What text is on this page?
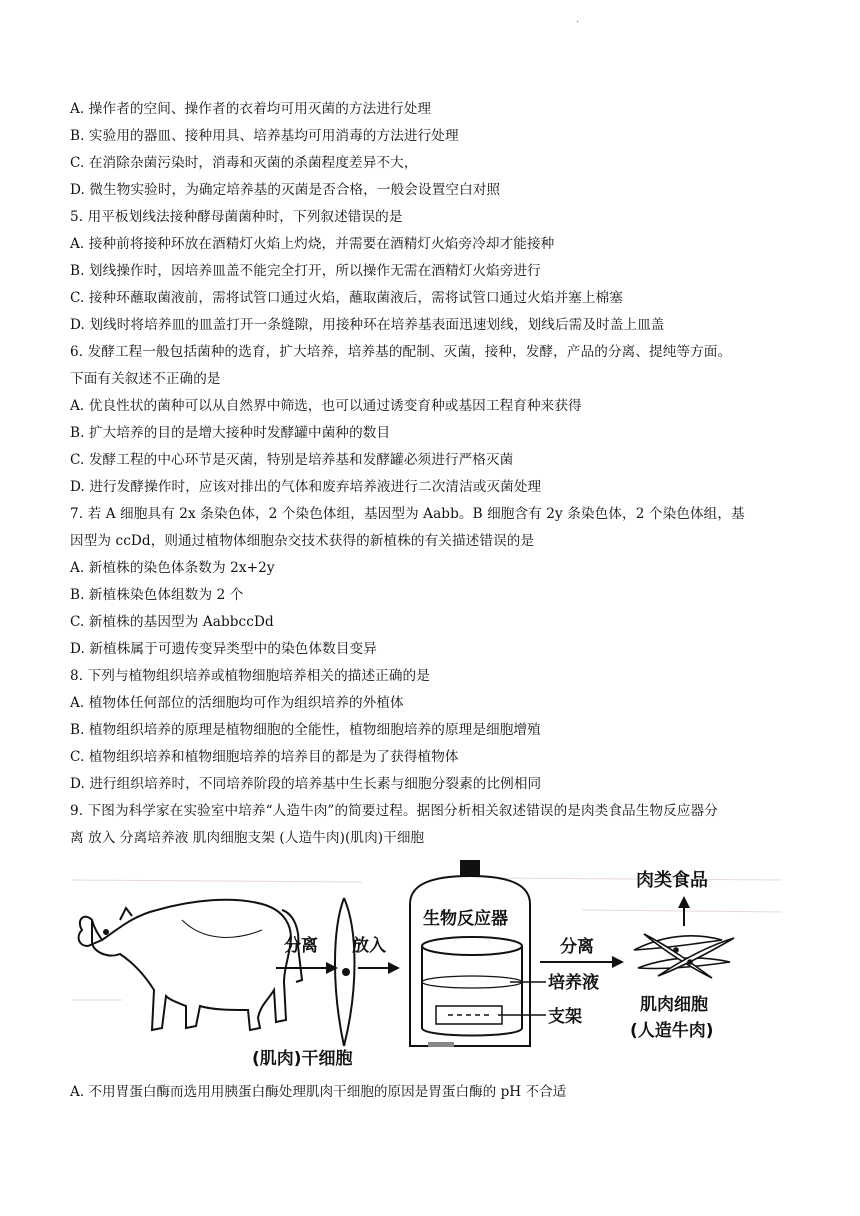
.
A. 操作者的空间、操作者的衣着均可用灭菌的方法进行处理
B. 实验用的器皿、接种用具、培养基均可用消毒的方法进行处理
C. 在消除杂菌污染时，消毒和灭菌的杀菌程度差异不大，
D. 微生物实验时，为确定培养基的灭菌是否合格，一般会设置空白对照
5. 用平板划线法接种酵母菌菌种时，下列叙述错误的是
A. 接种前将接种环放在酒精灯火焰上灼烧，并需要在酒精灯火焰旁冷却才能接种
B. 划线操作时，因培养皿盖不能完全打开，所以操作无需在酒精灯火焰旁进行
C. 接种环蘸取菌液前，需将试管口通过火焰，蘸取菌液后，需将试管口通过火焰并塞上棉塞
D. 划线时将培养皿的皿盖打开一条缝隙，用接种环在培养基表面迅速划线，划线后需及时盖上皿盖
6. 发酵工程一般包括菌种的选育，扩大培养，培养基的配制、灭菌，接种，发酵，产品的分离、提纯等方面。
下面有关叙述不正确的是
A. 优良性状的菌种可以从自然界中筛选，也可以通过诱变育种或基因工程育种来获得
B. 扩大培养的目的是增大接种时发酵罐中菌种的数目
C. 发酵工程的中心环节是灭菌，特别是培养基和发酵罐必须进行严格灭菌
D. 进行发酵操作时，应该对排出的气体和废弃培养液进行二次清洁或灭菌处理
7. 若 A 细胞具有 2x 条染色体，2 个染色体组，基因型为 Aabb。B 细胞含有 2y 条染色体，2 个染色体组，基
因型为 ccDd，则通过植物体细胞杂交技术获得的新植株的有关描述错误的是
A. 新植株的染色体条数为 2x+2y
B. 新植株染色体组数为 2 个
C. 新植株的基因型为 AabbccDd
D. 新植株属于可遗传变异类型中的染色体数目变异
8. 下列与植物组织培养或植物细胞培养相关的描述正确的是
A. 植物体任何部位的活细胞均可作为组织培养的外植体
B. 植物组织培养的原理是植物细胞的全能性，植物细胞培养的原理是细胞增殖
C. 植物组织培养和植物细胞培养的培养目的都是为了获得植物体
D. 进行组织培养时，不同培养阶段的培养基中生长素与细胞分裂素的比例相同
9. 下图为科学家在实验室中培养“人造牛肉”的简要过程。据图分析相关叙述错误的是肉类食品生物反应器分
离 放入 分离培养液 肌肉细胞支架 (人造牛肉)(肌肉)干细胞
分离
(肌肉)干细胞
放入
生物反应器
培养液
支架
分离
肉类食品
肌肉细胞
(人造牛肉)
A. 不用胃蛋白酶而选用用胰蛋白酶处理肌肉干细胞的原因是胃蛋白酶的 pH 不合适
